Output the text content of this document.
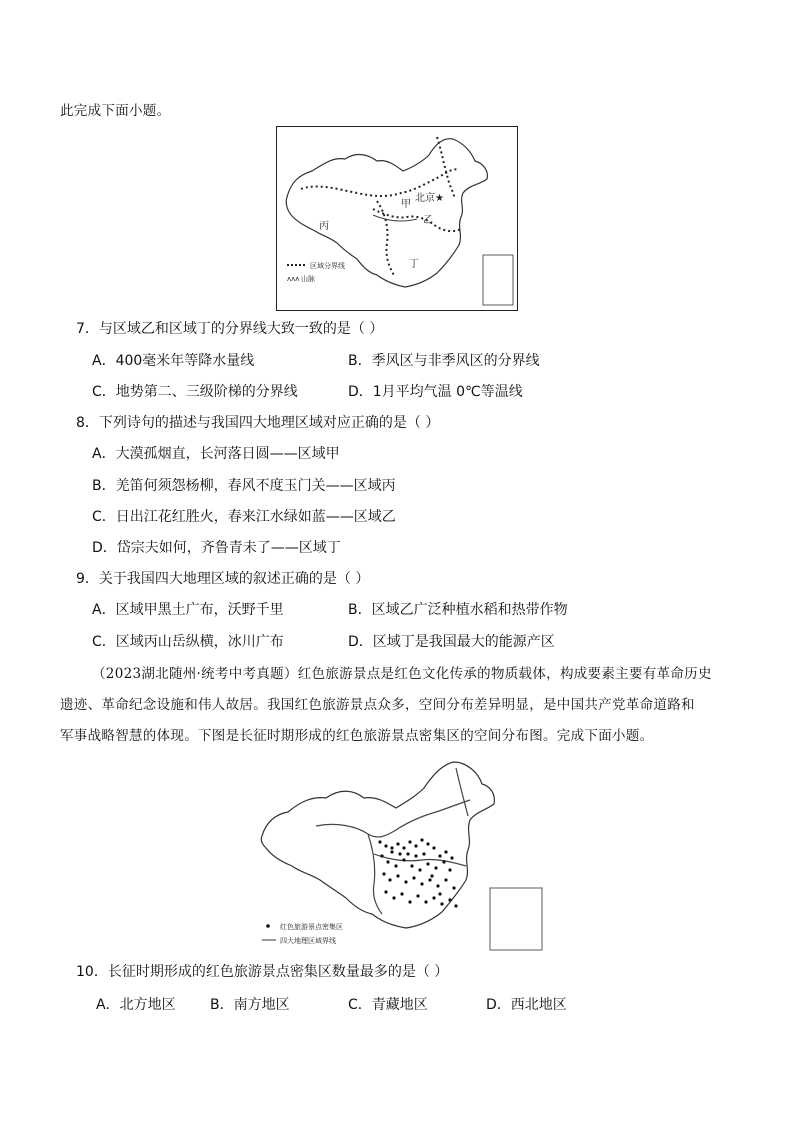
此完成下面小题。
区域分界线
ᴧᴧᴧ 山脉
甲
北京★
乙
丙
丁
7．与区域乙和区域丁的分界线大致一致的是（ ）
A．400毫米年等降水量线	B．季风区与非季风区的分界线
C．地势第二、三级阶梯的分界线	D．1月平均气温 0℃等温线
8．下列诗句的描述与我国四大地理区域对应正确的是（ ）
A．大漠孤烟直，长河落日圆——区域甲
B．羌笛何须怨杨柳，春风不度玉门关——区域丙
C．日出江花红胜火，春来江水绿如蓝——区域乙
D．岱宗夫如何，齐鲁青未了——区域丁
9．关于我国四大地理区域的叙述正确的是（ ）
A．区域甲黑土广布，沃野千里	B．区域乙广泛种植水稻和热带作物
C．区域丙山岳纵横，冰川广布	D．区域丁是我国最大的能源产区
（2023湖北随州·统考中考真题）红色旅游景点是红色文化传承的物质载体，构成要素主要有革命历史
遗迹、革命纪念设施和伟人故居。我国红色旅游景点众多，空间分布差异明显，是中国共产党革命道路和
军事战略智慧的体现。下图是长征时期形成的红色旅游景点密集区的空间分布图。完成下面小题。
红色旅游景点密集区
四大地理区域界线
10．长征时期形成的红色旅游景点密集区数量最多的是（ ）
A．北方地区 B．南方地区	C．青藏地区	D．西北地区
